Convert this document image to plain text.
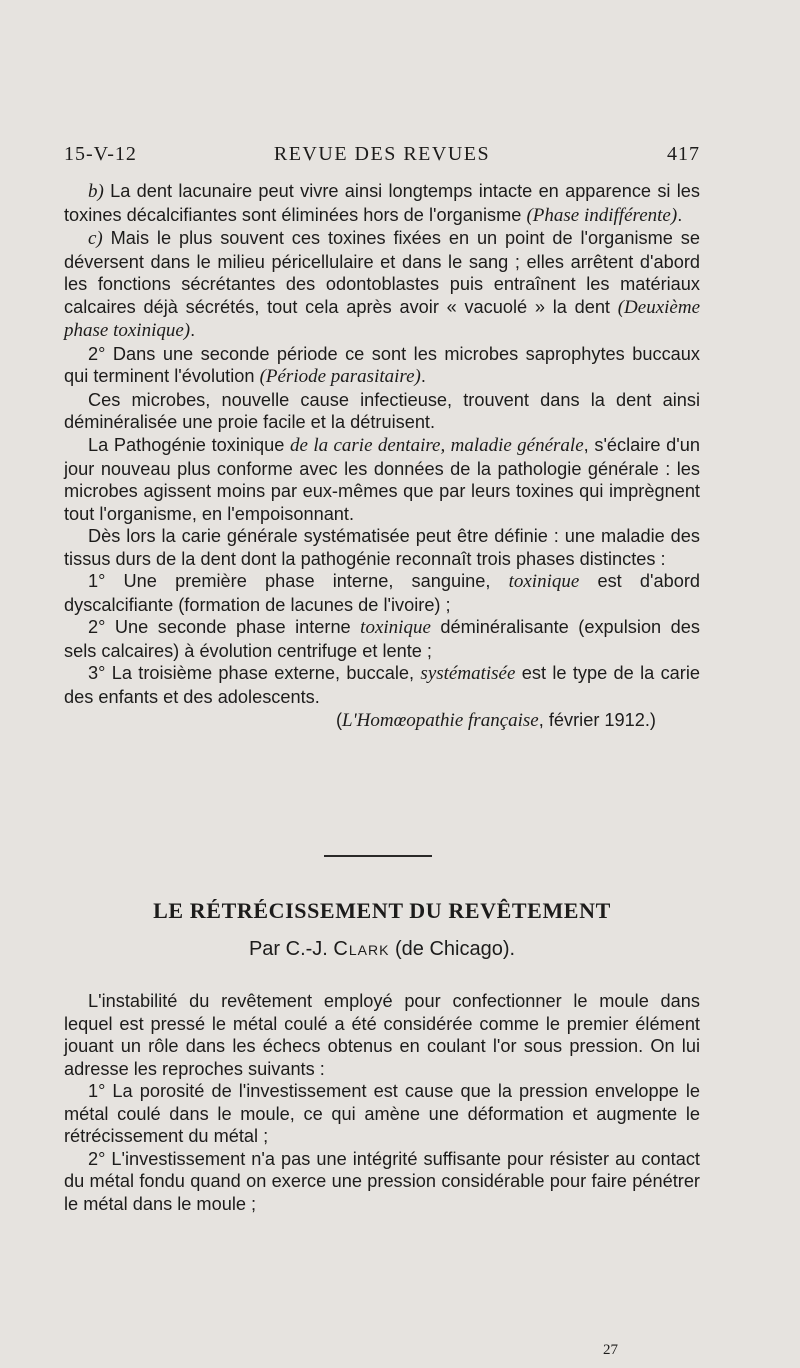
15-V-12	REVUE DES REVUES	417

b) La dent lacunaire peut vivre ainsi longtemps intacte en apparence si les toxines décalcifiantes sont éliminées hors de l'organisme (Phase indifférente).

c) Mais le plus souvent ces toxines fixées en un point de l'organisme se déversent dans le milieu péricellulaire et dans le sang ; elles arrêtent d'abord les fonctions sécrétantes des odontoblastes puis entraînent les matériaux calcaires déjà sécrétés, tout cela après avoir « vacuolé » la dent (Deuxième phase toxinique).

2° Dans une seconde période ce sont les microbes saprophytes buccaux qui terminent l'évolution (Période parasitaire).

Ces microbes, nouvelle cause infectieuse, trouvent dans la dent ainsi déminéralisée une proie facile et la détruisent.

La Pathogénie toxinique de la carie dentaire, maladie générale, s'éclaire d'un jour nouveau plus conforme avec les données de la pathologie générale : les microbes agissent moins par eux-mêmes que par leurs toxines qui imprègnent tout l'organisme, en l'empoisonnant.

Dès lors la carie générale systématisée peut être définie : une maladie des tissus durs de la dent dont la pathogénie reconnaît trois phases distinctes :

1° Une première phase interne, sanguine, toxinique est d'abord dyscalcifiante (formation de lacunes de l'ivoire) ;

2° Une seconde phase interne toxinique déminéralisante (expulsion des sels calcaires) à évolution centrifuge et lente ;

3° La troisième phase externe, buccale, systématisée est le type de la carie des enfants et des adolescents.

(L'Homœopathie française, février 1912.)

LE RÉTRÉCISSEMENT DU REVÊTEMENT
Par C.-J. Clark (de Chicago).

L'instabilité du revêtement employé pour confectionner le moule dans lequel est pressé le métal coulé a été considérée comme le premier élément jouant un rôle dans les échecs obtenus en coulant l'or sous pression. On lui adresse les reproches suivants :

1° La porosité de l'investissement est cause que la pression enveloppe le métal coulé dans le moule, ce qui amène une déformation et augmente le rétrécissement du métal ;

2° L'investissement n'a pas une intégrité suffisante pour résister au contact du métal fondu quand on exerce une pression considérable pour faire pénétrer le métal dans le moule ;

27
